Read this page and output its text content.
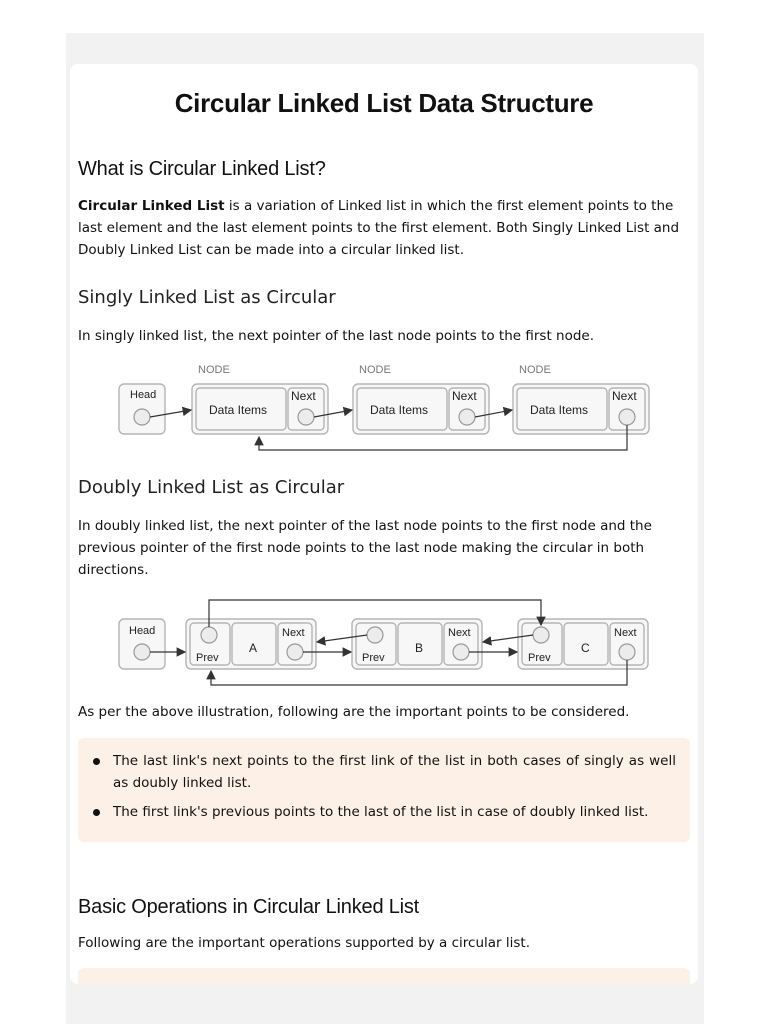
Circular Linked List Data Structure
What is Circular Linked List?

Circular Linked List is a variation of Linked list in which the first element points to the last element and the last element points to the first element. Both Singly Linked List and Doubly Linked List can be made into a circular linked list.

Singly Linked List as Circular

In singly linked list, the next pointer of the last node points to the first node.

NODE	NODE	NODE
Head
Data Items	Data Items	Data Items
Next	Next	Next
Doubly Linked List as Circular

In doubly linked list, the next pointer of the last node points to the first node and the previous pointer of the first node points to the last node making the circular in both directions.

Head
Prev	Prev	Prev
Next	Next	Next
A	B	C

As per the above illustration, following are the important points to be considered.

The last link's next points to the first link of the list in both cases of singly as well as doubly linked list.
The first link's previous points to the last of the list in case of doubly linked list.
Basic Operations in Circular Linked List

Following are the important operations supported by a circular list.
